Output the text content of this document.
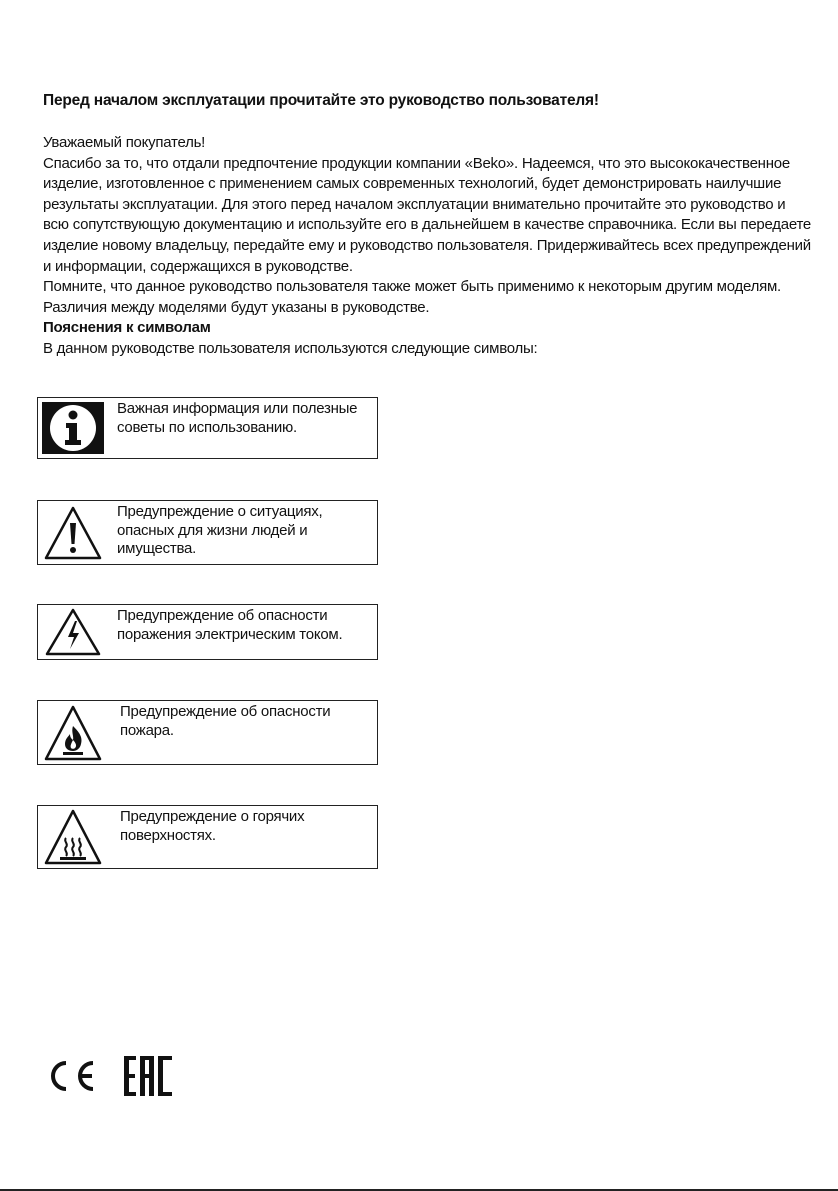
Перед началом эксплуатации прочитайте это руководство пользователя!

Уважаемый покупатель!

Спасибо за то, что отдали предпочтение продукции компании «Beko». Надеемся, что это высококачественное изделие, изготовленное с применением самых современных технологий, будет демонстрировать наилучшие результаты эксплуатации. Для этого перед началом эксплуатации внимательно прочитайте это руководство и всю сопутствующую документацию и используйте его в дальнейшем в качестве справочника. Если вы передаете изделие новому владельцу, передайте ему и руководство пользователя. Придерживайтесь всех предупреждений и информации, содержащихся в руководстве.

Помните, что данное руководство пользователя также может быть применимо к некоторым другим моделям. Различия между моделями будут указаны в руководстве.

Пояснения к символам

В данном руководстве пользователя используются следующие символы:

Важная информация или полезные советы по использованию.
Предупреждение о ситуациях, опасных для жизни людей и имущества.
Предупреждение об опасности поражения электрическим током.
Предупреждение об опасности пожара.
Предупреждение о горячих поверхностях.
